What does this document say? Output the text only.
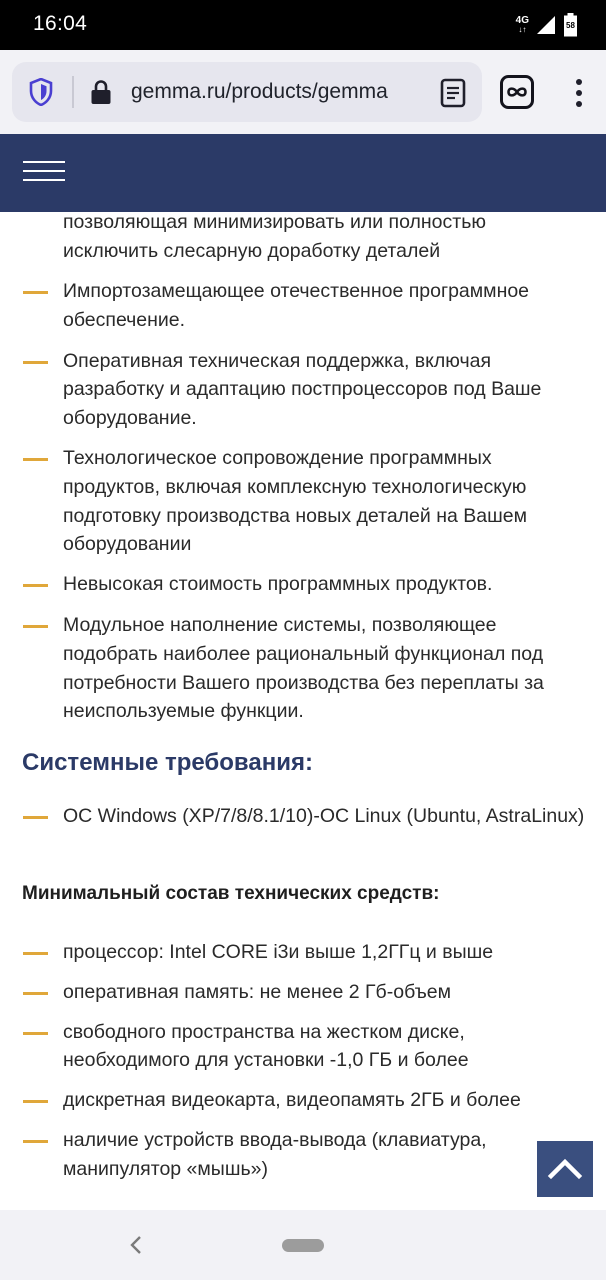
16:04	4G
↓↑	58
gemma.ru/products/gemma
позволяющая минимизировать или полностью исключить слесарную доработку деталей
Импортозамещающее отечественное программное обеспечение.
Оперативная техническая поддержка, включая разработку и адаптацию постпроцессоров под Ваше оборудование.
Технологическое сопровождение программных продуктов, включая комплексную технологическую подготовку производства новых деталей на Вашем оборудовании
Невысокая стоимость программных продуктов.
Модульное наполнение системы, позволяющее подобрать наиболее рациональный функционал под потребности Вашего производства без переплаты за неиспользуемые функции.
Системные требования:
ОС Windows (XP/7/8/8.1/10)-ОС Linux (Ubuntu, AstraLinux)
Минимальный состав технических средств:
процессор: Intel CORE i3и выше 1,2ГГц и выше
оперативная память: не менее 2 Гб-объем
свободного пространства на жестком диске, необходимого для установки -1,0 ГБ и более
дискретная видеокарта, видеопамять 2ГБ и более
наличие устройств ввода-вывода (клавиатура, манипулятор «мышь»)
